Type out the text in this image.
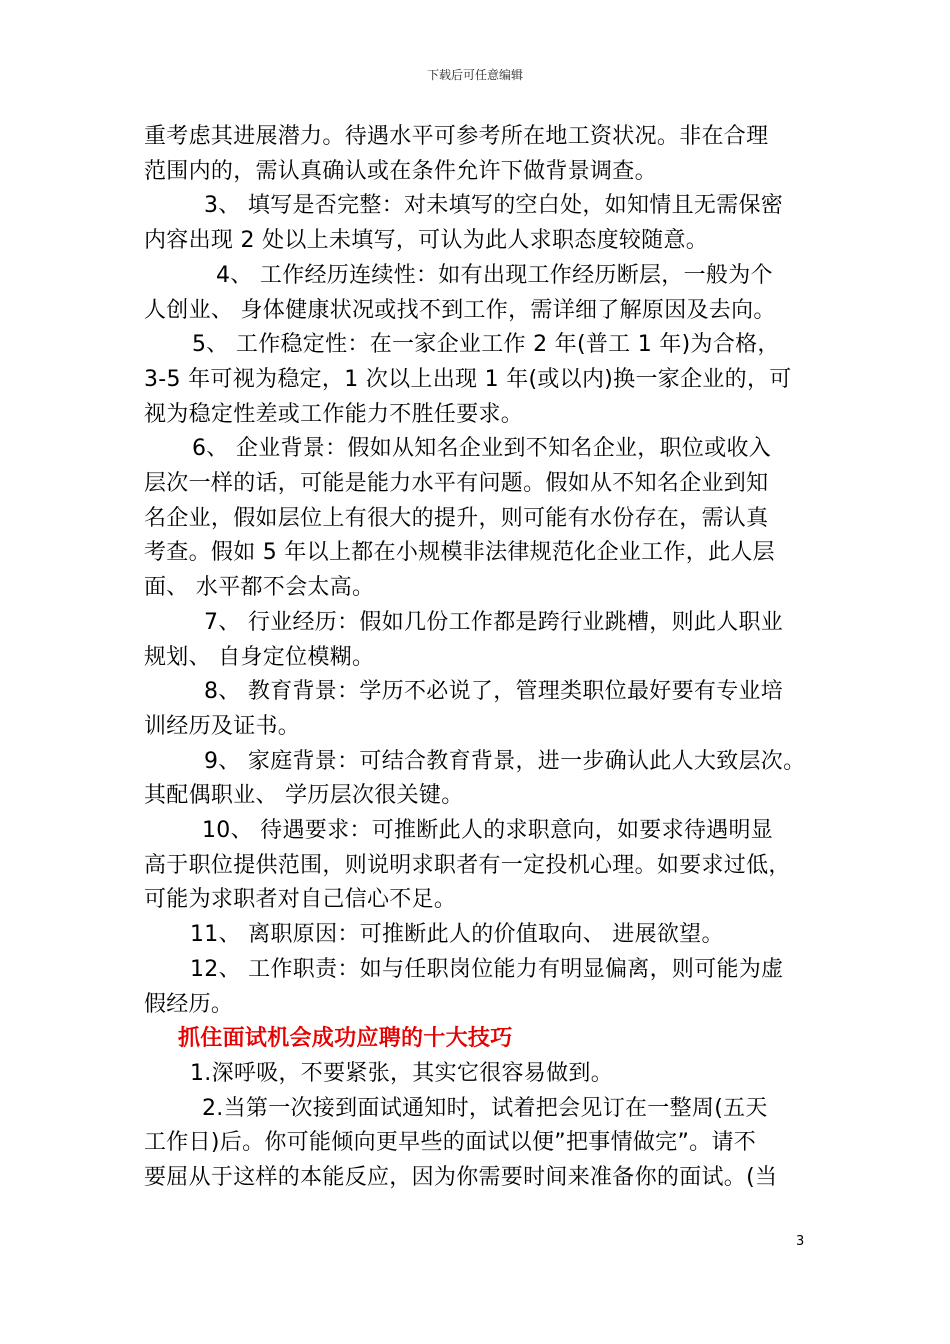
下载后可任意编辑
重考虑其进展潜力。待遇水平可参考所在地工资状况。非在合理
范围内的，需认真确认或在条件允许下做背景调查。
3、 填写是否完整：对未填写的空白处，如知情且无需保密
内容出现 2 处以上未填写，可认为此人求职态度较随意。
4、 工作经历连续性：如有出现工作经历断层，一般为个
人创业、 身体健康状况或找不到工作，需详细了解原因及去向。
5、 工作稳定性：在一家企业工作 2 年(普工 1 年)为合格，
3-5 年可视为稳定，1 次以上出现 1 年(或以内)换一家企业的，可
视为稳定性差或工作能力不胜任要求。
6、 企业背景：假如从知名企业到不知名企业，职位或收入
层次一样的话，可能是能力水平有问题。假如从不知名企业到知
名企业，假如层位上有很大的提升，则可能有水份存在，需认真
考查。假如 5 年以上都在小规模非法律规范化企业工作，此人层
面、 水平都不会太高。
7、 行业经历：假如几份工作都是跨行业跳槽，则此人职业
规划、 自身定位模糊。
8、 教育背景：学历不必说了，管理类职位最好要有专业培
训经历及证书。
9、 家庭背景：可结合教育背景，进一步确认此人大致层次。
其配偶职业、 学历层次很关键。
10、 待遇要求：可推断此人的求职意向，如要求待遇明显
高于职位提供范围，则说明求职者有一定投机心理。如要求过低，
可能为求职者对自己信心不足。
11、 离职原因：可推断此人的价值取向、 进展欲望。
12、 工作职责：如与任职岗位能力有明显偏离，则可能为虚
假经历。
抓住面试机会成功应聘的十大技巧
1.深呼吸，不要紧张，其实它很容易做到。
2.当第一次接到面试通知时，试着把会见订在一整周(五天
工作日)后。你可能倾向更早些的面试以便”把事情做完”。请不
要屈从于这样的本能反应，因为你需要时间来准备你的面试。(当
3
